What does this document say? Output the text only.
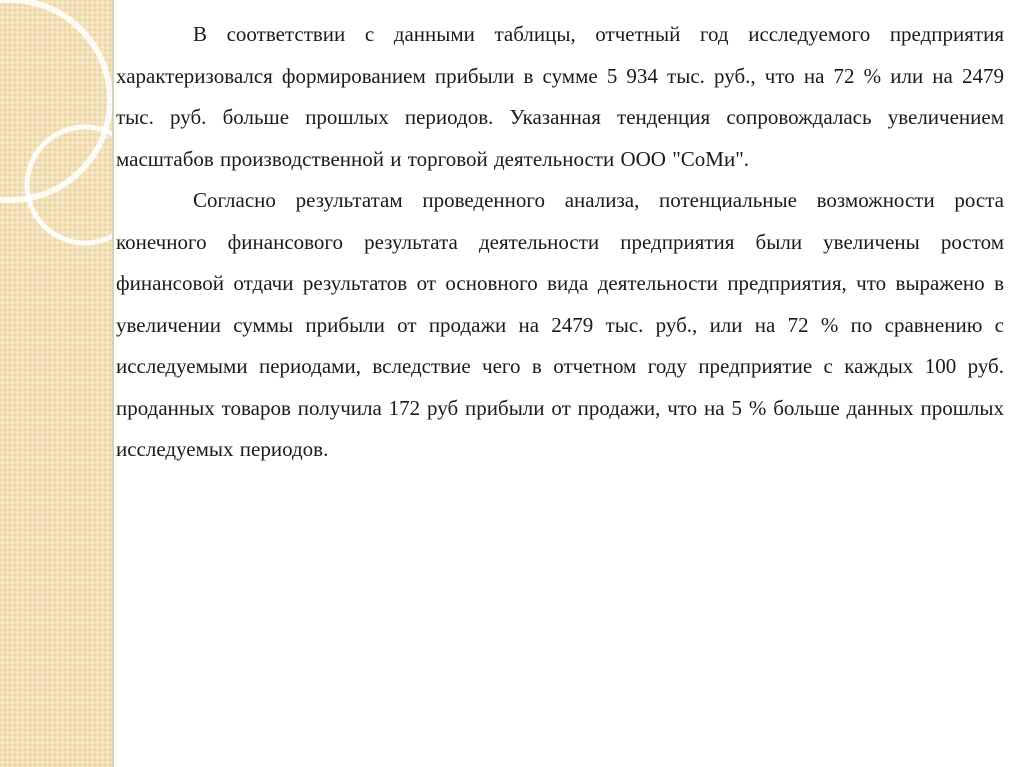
В соответствии с данными таблицы, отчетный год исследуемого предприятия характеризовался формированием прибыли в сумме 5 934 тыс. руб., что на 72 % или на 2479 тыс. руб. больше прошлых периодов. Указанная тенденция сопровождалась увеличением масштабов производственной и торговой деятельности ООО "СоМи".

Согласно результатам проведенного анализа, потенциальные возможности роста конечного финансового результата деятельности предприятия были увеличены ростом финансовой отдачи результатов от основного вида деятельности предприятия, что выражено в увеличении суммы прибыли от продажи на 2479 тыс. руб., или на 72 % по сравнению с исследуемыми периодами, вследствие чего в отчетном году предприятие с каждых 100 руб. проданных товаров получила 172 руб прибыли от продажи, что на 5 % больше данных прошлых исследуемых периодов.
